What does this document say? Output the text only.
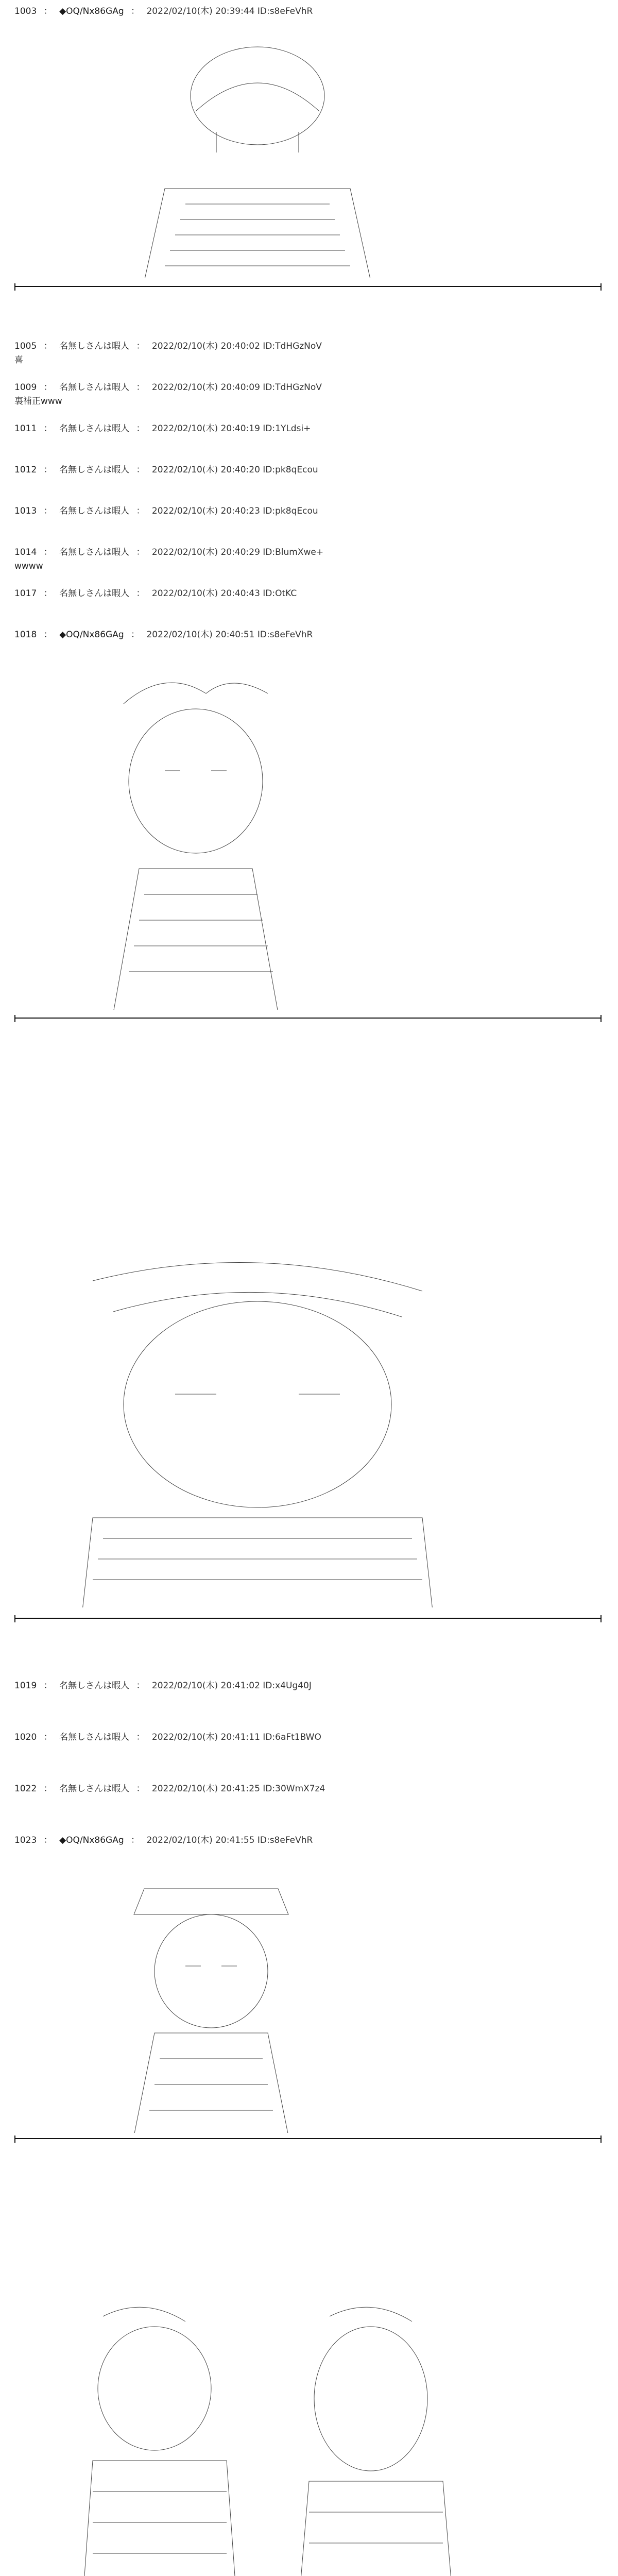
1003 ： ◆OQ/Nx86GAg ： 2022/02/10(木) 20:39:44 ID:s8eFeVhR

1005 ： 名無しさんは暇人 ： 2022/02/10(木) 20:40:02 ID:TdHGzNoV
喜
1009 ： 名無しさんは暇人 ： 2022/02/10(木) 20:40:09 ID:TdHGzNoV
裏補正www
1011 ： 名無しさんは暇人 ： 2022/02/10(木) 20:40:19 ID:1YLdsi+
1012 ： 名無しさんは暇人 ： 2022/02/10(木) 20:40:20 ID:pk8qEcou
1013 ： 名無しさんは暇人 ： 2022/02/10(木) 20:40:23 ID:pk8qEcou
1014 ： 名無しさんは暇人 ： 2022/02/10(木) 20:40:29 ID:BlumXwe+
wwww
1017 ： 名無しさんは暇人 ： 2022/02/10(木) 20:40:43 ID:OtKC
1018 ： ◆OQ/Nx86GAg ： 2022/02/10(木) 20:40:51 ID:s8eFeVhR

1019 ： 名無しさんは暇人 ： 2022/02/10(木) 20:41:02 ID:x4Ug40J
1020 ： 名無しさんは暇人 ： 2022/02/10(木) 20:41:11 ID:6aFt1BWO
1022 ： 名無しさんは暇人 ： 2022/02/10(木) 20:41:25 ID:30WmX7z4
1023 ： ◆OQ/Nx86GAg ： 2022/02/10(木) 20:41:55 ID:s8eFeVhR
